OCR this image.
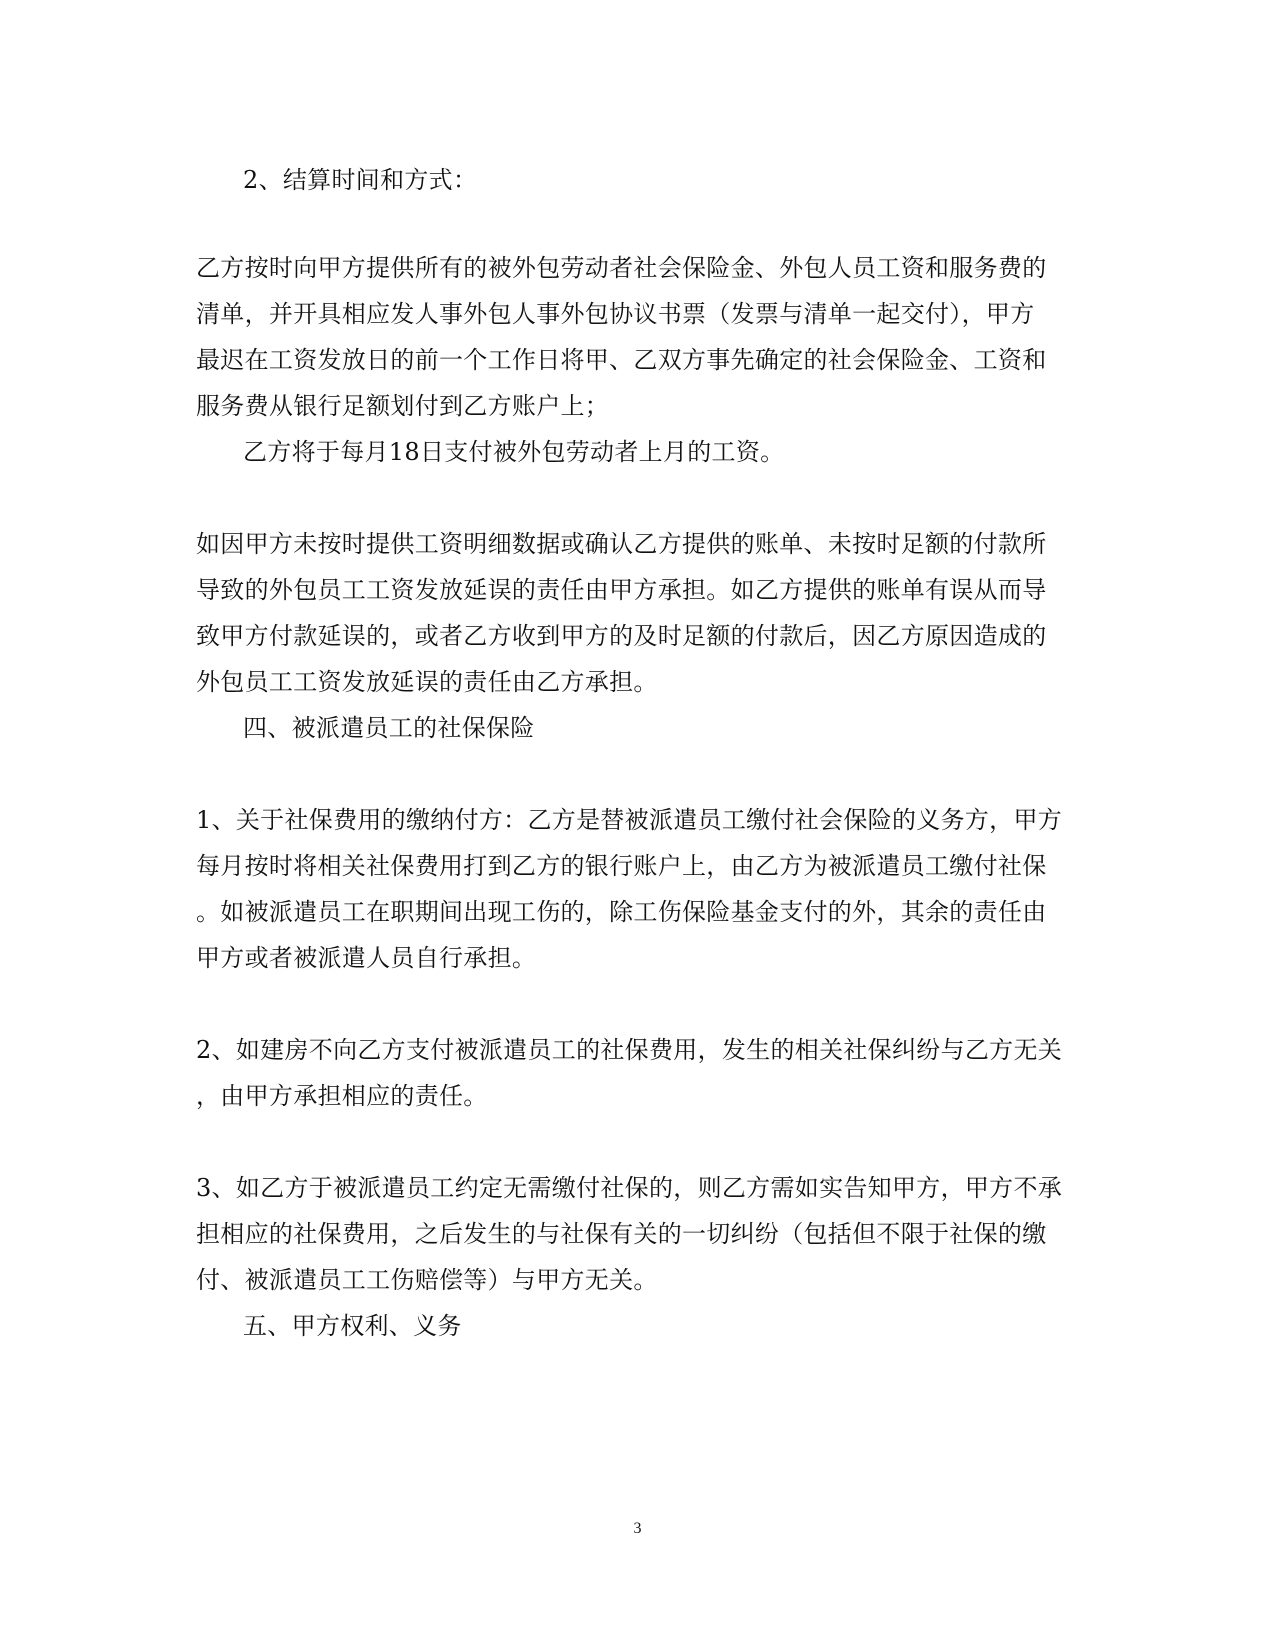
2、结算时间和方式：
乙方按时向甲方提供所有的被外包劳动者社会保险金、外包人员工资和服务费的
清单，并开具相应发人事外包人事外包协议书票（发票与清单一起交付），甲方
最迟在工资发放日的前一个工作日将甲、乙双方事先确定的社会保险金、工资和
服务费从银行足额划付到乙方账户上；
乙方将于每月18日支付被外包劳动者上月的工资。
如因甲方未按时提供工资明细数据或确认乙方提供的账单、未按时足额的付款所
导致的外包员工工资发放延误的责任由甲方承担。如乙方提供的账单有误从而导
致甲方付款延误的，或者乙方收到甲方的及时足额的付款后，因乙方原因造成的
外包员工工资发放延误的责任由乙方承担。
四、被派遣员工的社保保险
1、关于社保费用的缴纳付方：乙方是替被派遣员工缴付社会保险的义务方，甲方
每月按时将相关社保费用打到乙方的银行账户上，由乙方为被派遣员工缴付社保
。如被派遣员工在职期间出现工伤的，除工伤保险基金支付的外，其余的责任由
甲方或者被派遣人员自行承担。
2、如建房不向乙方支付被派遣员工的社保费用，发生的相关社保纠纷与乙方无关
，由甲方承担相应的责任。
3、如乙方于被派遣员工约定无需缴付社保的，则乙方需如实告知甲方，甲方不承
担相应的社保费用，之后发生的与社保有关的一切纠纷（包括但不限于社保的缴
付、被派遣员工工伤赔偿等）与甲方无关。
五、甲方权利、义务
3
